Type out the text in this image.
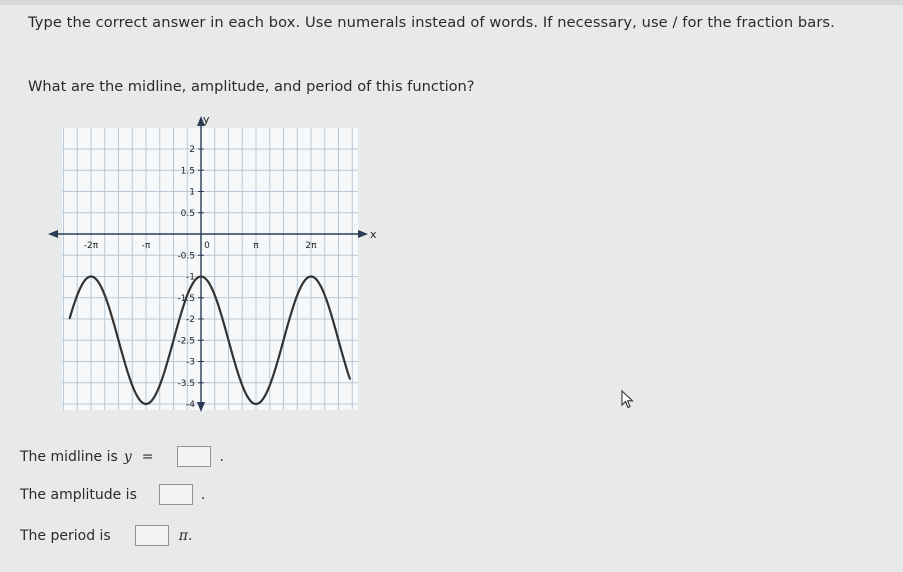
Type the correct answer in each box. Use numerals instead of words. If necessary, use / for the fraction bars.
What are the midline, amplitude, and period of this function?
y
x
-2π	-π	0	π	2π
2
1.5
1
0.5
-0.5
-1
-1.5
-2
-2.5
-3
-3.5
-4
The midline is y =	.
The amplitude is	.
The period is	π .
